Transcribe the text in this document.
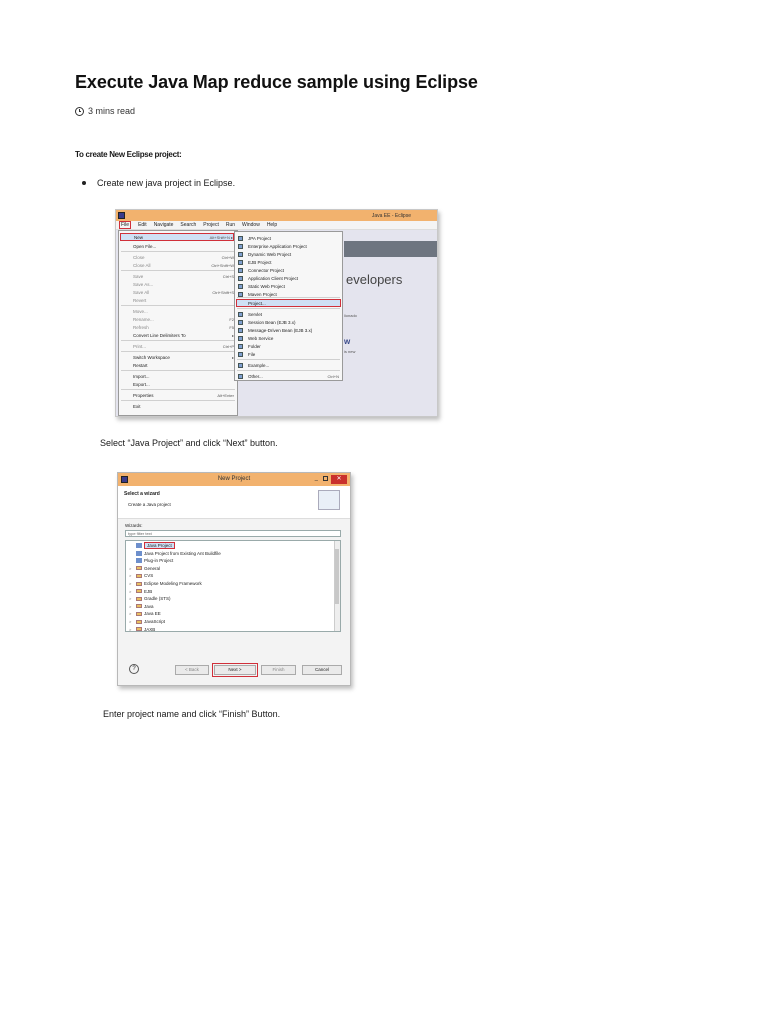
Execute Java Map reduce sample using Eclipse
3 mins read
To create New Eclipse project:
Create new java project in Eclipse.
Java EE - Eclipse
File	Edit Navigate Search Project Run Window Help
evelopers
lionado
w
is new
New	Alt+Shift+N ▸
Open File...
Close	Ctrl+W
Close All	Ctrl+Shift+W
Save	Ctrl+S
Save As...
Save All	Ctrl+Shift+S
Revert
Move...
Rename...	F2
Refresh	F5
Convert Line Delimiters To	▸
Print...	Ctrl+P
Switch Workspace	▸
Restart
Import...
Export...
Properties	Alt+Enter
Exit
JPA Project
Enterprise Application Project
Dynamic Web Project
EJB Project
Connector Project
Application Client Project
Static Web Project
Maven Project
Project...
Servlet
Session Bean (EJB 3.x)
Message-Driven Bean (EJB 3.x)
Web Service
Folder
File
Example...
Other...	Ctrl+N
Select “Java Project” and click “Next” button.
New Project	–	✕
Select a wizard
Create a Java project
Wizards:
type filter text
Java Project
Java Project from Existing Ant Buildfile
Plug-in Project
>	General
>	CVS
>	Eclipse Modeling Framework
>	EJB
>	Gradle (STS)
>	Java
>	Java EE
>	JavaScript
>	JAXB
?	< Back	Next >	Finish	Cancel
Enter project name and click “Finish” Button.
